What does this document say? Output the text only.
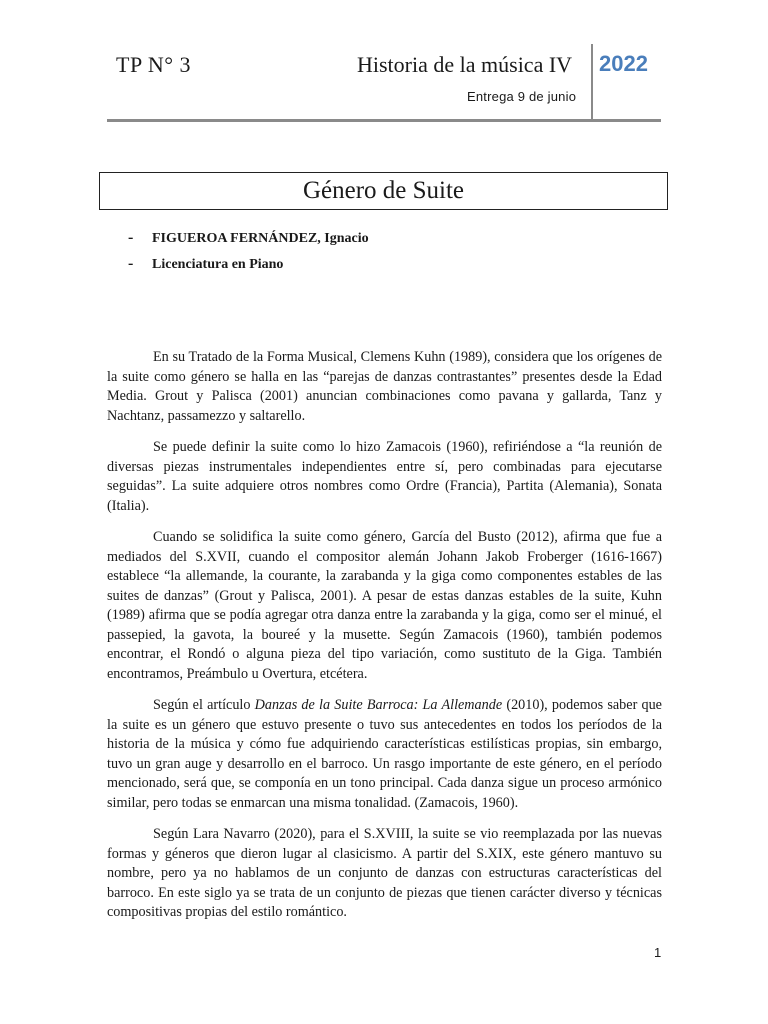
TP N° 3	Historia de la música IV
Entrega 9 de junio
2022
Género de Suite
-	FIGUEROA FERNÁNDEZ, Ignacio
-	Licenciatura en Piano

En su Tratado de la Forma Musical, Clemens Kuhn (1989), considera que los orígenes de la suite como género se halla en las “parejas de danzas contrastantes” presentes desde la Edad Media. Grout y Palisca (2001) anuncian combinaciones como pavana y gallarda, Tanz y Nachtanz, passamezzo y saltarello.

Se puede definir la suite como lo hizo Zamacois (1960), refiriéndose a “la reunión de diversas piezas instrumentales independientes entre sí, pero combinadas para ejecutarse seguidas”. La suite adquiere otros nombres como Ordre (Francia), Partita (Alemania), Sonata (Italia).

Cuando se solidifica la suite como género, García del Busto (2012), afirma que fue a mediados del S.XVII, cuando el compositor alemán Johann Jakob Froberger (1616-1667) establece “la allemande, la courante, la zarabanda y la giga como componentes estables de las suites de danzas” (Grout y Palisca, 2001). A pesar de estas danzas estables de la suite, Kuhn (1989) afirma que se podía agregar otra danza entre la zarabanda y la giga, como ser el minué, el passepied, la gavota, la boureé y la musette. Según Zamacois (1960), también podemos encontrar, el Rondó o alguna pieza del tipo variación, como sustituto de la Giga. También encontramos, Preámbulo u Overtura, etcétera.

Según el artículo Danzas de la Suite Barroca: La Allemande (2010), podemos saber que la suite es un género que estuvo presente o tuvo sus antecedentes en todos los períodos de la historia de la música y cómo fue adquiriendo características estilísticas propias, sin embargo, tuvo un gran auge y desarrollo en el barroco. Un rasgo importante de este género, en el período mencionado, será que, se componía en un tono principal. Cada danza sigue un proceso armónico similar, pero todas se enmarcan una misma tonalidad. (Zamacois, 1960).

Según Lara Navarro (2020), para el S.XVIII, la suite se vio reemplazada por las nuevas formas y géneros que dieron lugar al clasicismo. A partir del S.XIX, este género mantuvo su nombre, pero ya no hablamos de un conjunto de danzas con estructuras características del barroco. En este siglo ya se trata de un conjunto de piezas que tienen carácter diverso y técnicas compositivas propias del estilo romántico.

1
